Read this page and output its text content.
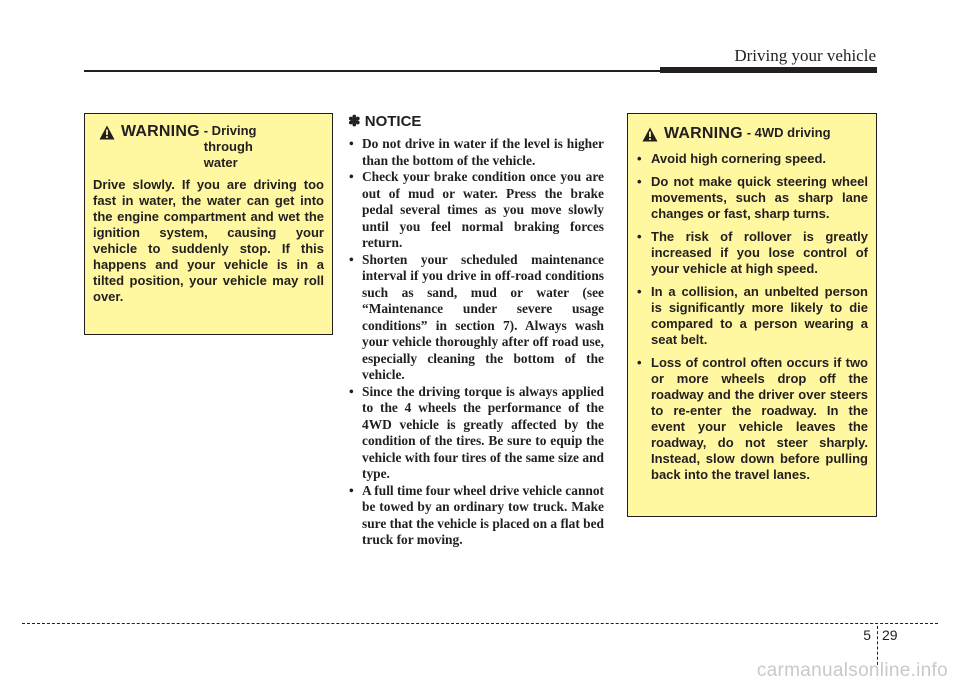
Driving your vehicle
WARNING - Driving through water
Drive slowly. If you are driving too fast in water, the water can get into the engine compartment and wet the ignition system, causing your vehicle to suddenly stop. If this happens and your vehicle is in a tilted position, your vehicle may roll over.
✽ NOTICE
• Do not drive in water if the level is higher than the bottom of the vehicle.
• Check your brake condition once you are out of mud or water. Press the brake pedal several times as you move slowly until you feel normal braking forces return.
• Shorten your scheduled maintenance interval if you drive in off-road conditions such as sand, mud or water (see “Maintenance under severe usage conditions” in section 7). Always wash your vehicle thoroughly after off road use, especially cleaning the bottom of the vehicle.
• Since the driving torque is always applied to the 4 wheels the performance of the 4WD vehicle is greatly affected by the condition of the tires. Be sure to equip the vehicle with four tires of the same size and type.
• A full time four wheel drive vehicle cannot be towed by an ordinary tow truck. Make sure that the vehicle is placed on a flat bed truck for moving.
WARNING - 4WD driving
• Avoid high cornering speed.
• Do not make quick steering wheel movements, such as sharp lane changes or fast, sharp turns.
• The risk of rollover is greatly increased if you lose control of your vehicle at high speed.
• In a collision, an unbelted person is significantly more likely to die compared to a person wearing a seat belt.
• Loss of control often occurs if two or more wheels drop off the roadway and the driver over steers to re-enter the roadway. In the event your vehicle leaves the roadway, do not steer sharply. Instead, slow down before pulling back into the travel lanes.
5 29
carmanualsonline.info
